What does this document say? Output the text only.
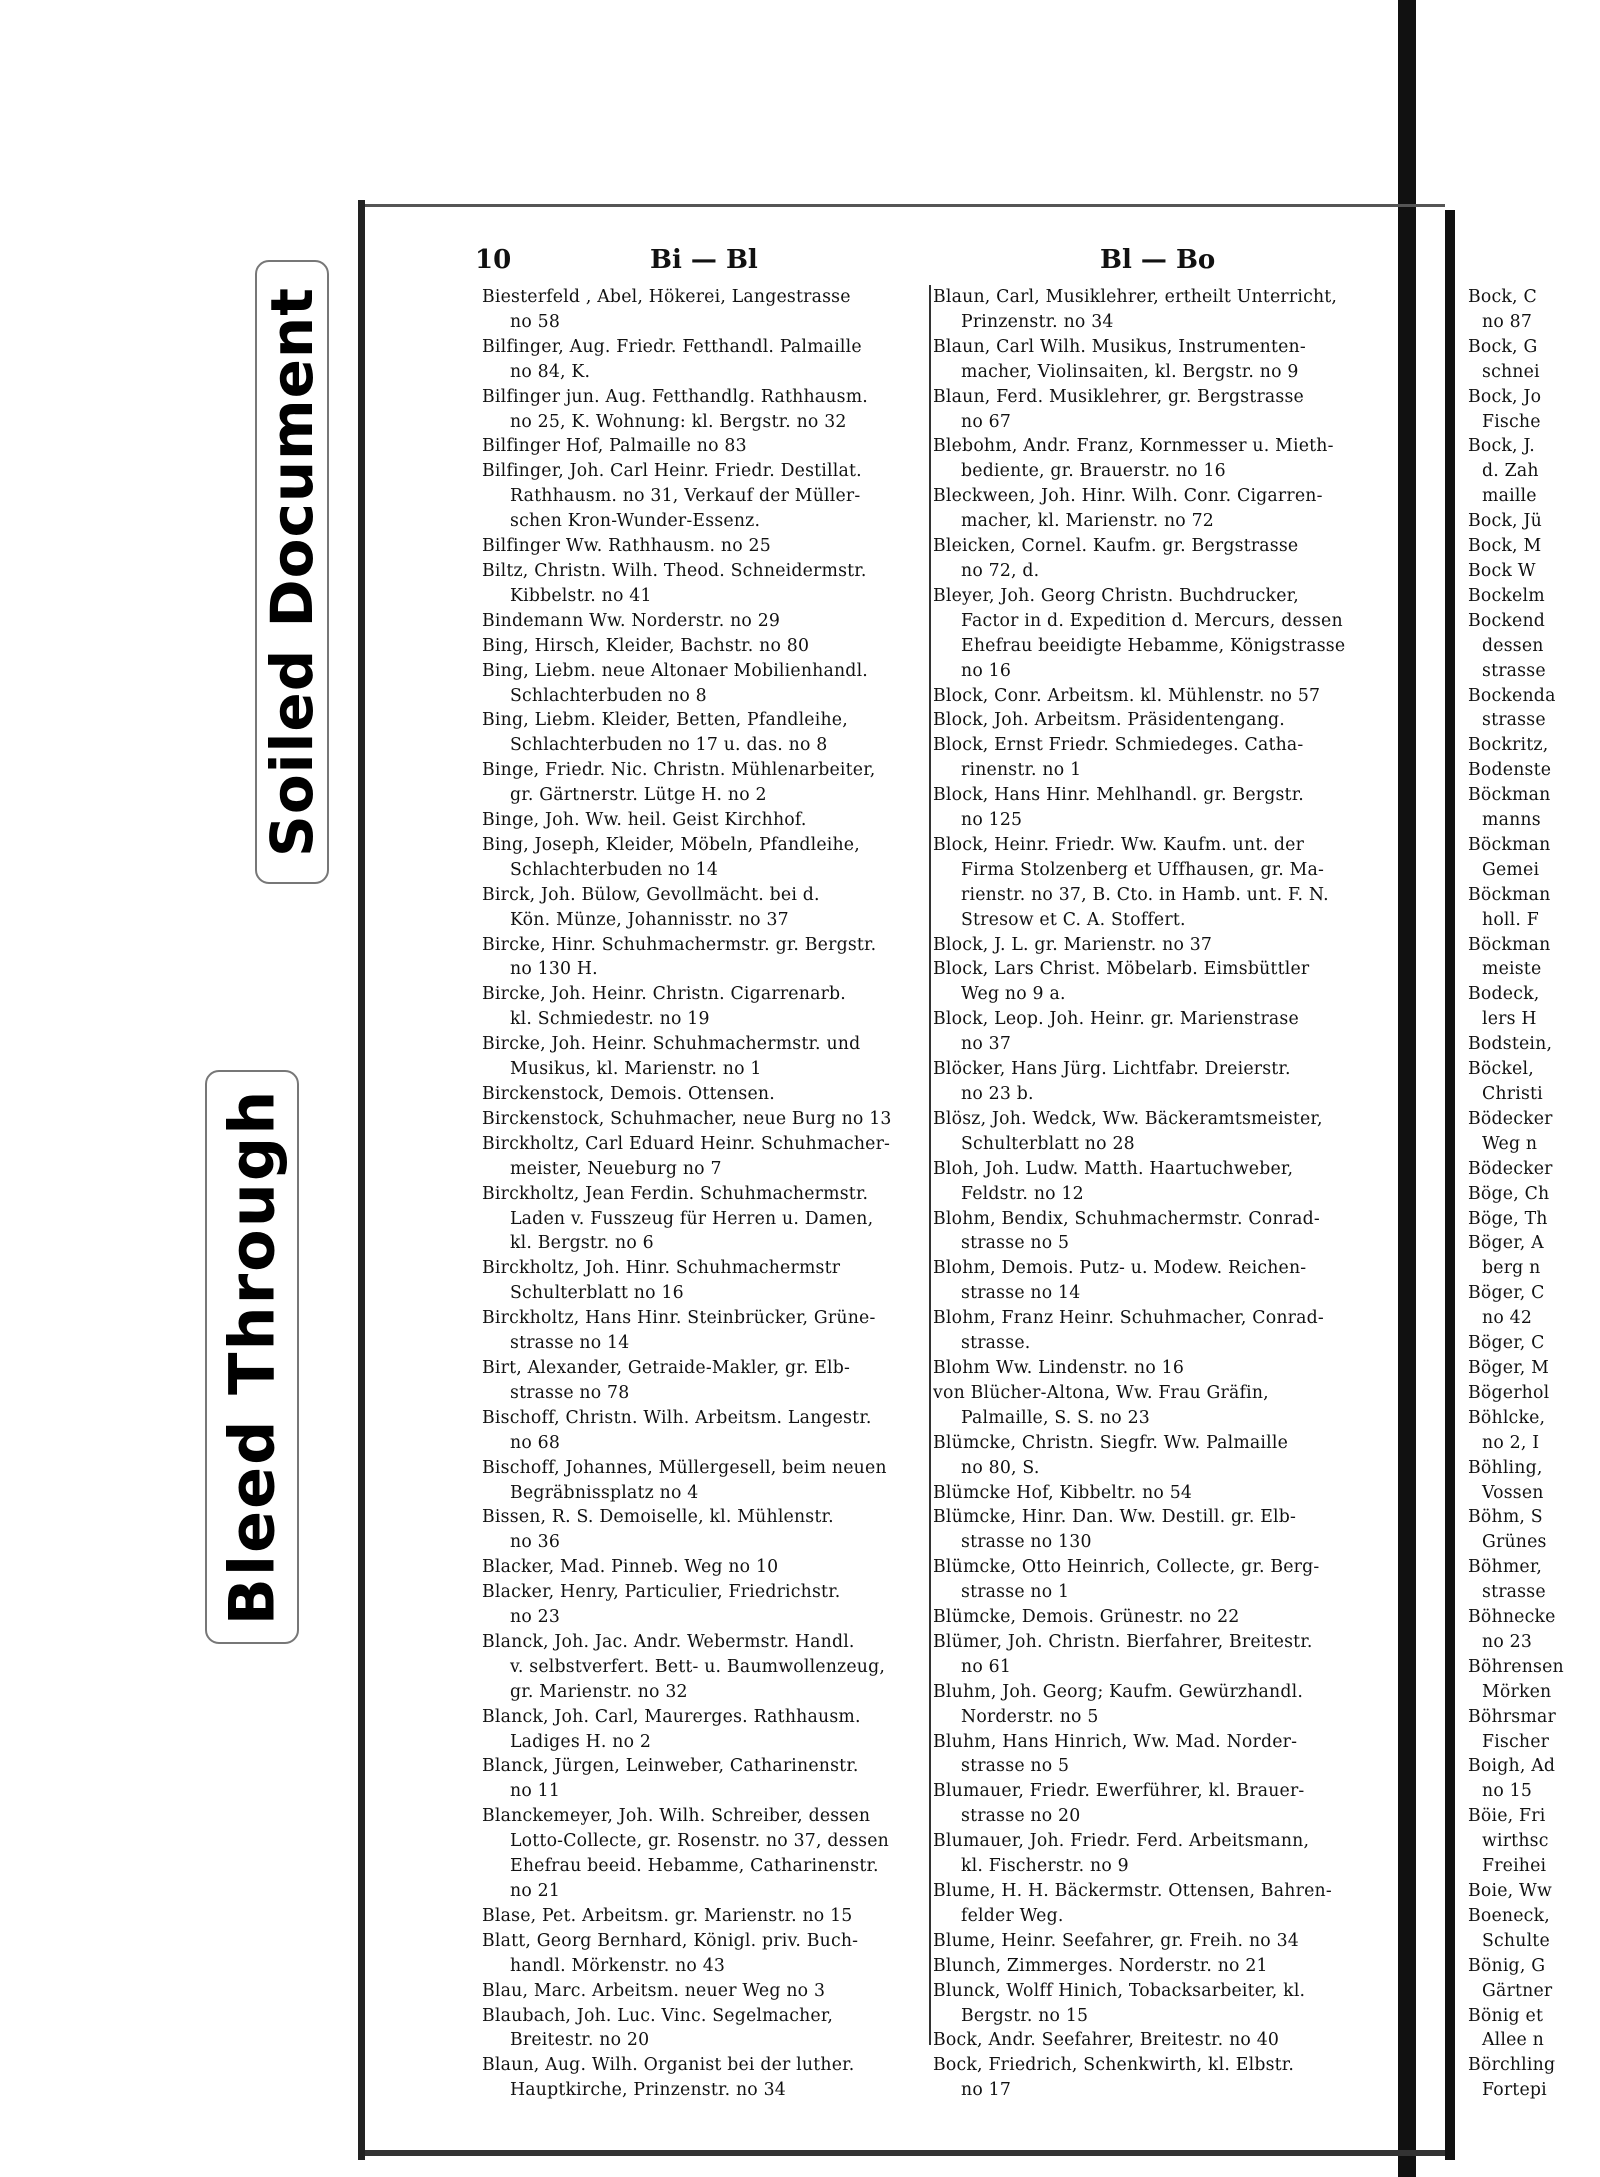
Soiled Document
Bleed Through
10	Bi — Bl	Bl — Bo
Biesterfeld , Abel, Hökerei, Langestrasse
no 58
Bilfinger, Aug. Friedr. Fetthandl. Palmaille
no 84, K.
Bilfinger jun. Aug. Fetthandlg. Rathhausm.
no 25, K. Wohnung: kl. Bergstr. no 32
Bilfinger Hof, Palmaille no 83
Bilfinger, Joh. Carl Heinr. Friedr. Destillat.
Rathhausm. no 31, Verkauf der Müller-
schen Kron-Wunder-Essenz.
Bilfinger Ww. Rathhausm. no 25
Biltz, Christn. Wilh. Theod. Schneidermstr.
Kibbelstr. no 41
Bindemann Ww. Norderstr. no 29
Bing, Hirsch, Kleider, Bachstr. no 80
Bing, Liebm. neue Altonaer Mobilienhandl.
Schlachterbuden no 8
Bing, Liebm. Kleider, Betten, Pfandleihe,
Schlachterbuden no 17 u. das. no 8
Binge, Friedr. Nic. Christn. Mühlenarbeiter,
gr. Gärtnerstr. Lütge H. no 2
Binge, Joh. Ww. heil. Geist Kirchhof.
Bing, Joseph, Kleider, Möbeln, Pfandleihe,
Schlachterbuden no 14
Birck, Joh. Bülow, Gevollmächt. bei d.
Kön. Münze, Johannisstr. no 37
Bircke, Hinr. Schuhmachermstr. gr. Bergstr.
no 130 H.
Bircke, Joh. Heinr. Christn. Cigarrenarb.
kl. Schmiedestr. no 19
Bircke, Joh. Heinr. Schuhmachermstr. und
Musikus, kl. Marienstr. no 1
Birckenstock, Demois. Ottensen.
Birckenstock, Schuhmacher, neue Burg no 13
Birckholtz, Carl Eduard Heinr. Schuhmacher-
meister, Neueburg no 7
Birckholtz, Jean Ferdin. Schuhmachermstr.
Laden v. Fusszeug für Herren u. Damen,
kl. Bergstr. no 6
Birckholtz, Joh. Hinr. Schuhmachermstr
Schulterblatt no 16
Birckholtz, Hans Hinr. Steinbrücker, Grüne-
strasse no 14
Birt, Alexander, Getraide-Makler, gr. Elb-
strasse no 78
Bischoff, Christn. Wilh. Arbeitsm. Langestr.
no 68
Bischoff, Johannes, Müllergesell, beim neuen
Begräbnissplatz no 4
Bissen, R. S. Demoiselle, kl. Mühlenstr.
no 36
Blacker, Mad. Pinneb. Weg no 10
Blacker, Henry, Particulier, Friedrichstr.
no 23
Blanck, Joh. Jac. Andr. Webermstr. Handl.
v. selbstverfert. Bett- u. Baumwollenzeug,
gr. Marienstr. no 32
Blanck, Joh. Carl, Maurerges. Rathhausm.
Ladiges H. no 2
Blanck, Jürgen, Leinweber, Catharinenstr.
no 11
Blanckemeyer, Joh. Wilh. Schreiber, dessen
Lotto-Collecte, gr. Rosenstr. no 37, dessen
Ehefrau beeid. Hebamme, Catharinenstr.
no 21
Blase, Pet. Arbeitsm. gr. Marienstr. no 15
Blatt, Georg Bernhard, Königl. priv. Buch-
handl. Mörkenstr. no 43
Blau, Marc. Arbeitsm. neuer Weg no 3
Blaubach, Joh. Luc. Vinc. Segelmacher,
Breitestr. no 20
Blaun, Aug. Wilh. Organist bei der luther.
Hauptkirche, Prinzenstr. no 34
Blaun, Carl, Musiklehrer, ertheilt Unterricht,
Prinzenstr. no 34
Blaun, Carl Wilh. Musikus, Instrumenten-
macher, Violinsaiten, kl. Bergstr. no 9
Blaun, Ferd. Musiklehrer, gr. Bergstrasse
no 67
Blebohm, Andr. Franz, Kornmesser u. Mieth-
bediente, gr. Brauerstr. no 16
Bleckween, Joh. Hinr. Wilh. Conr. Cigarren-
macher, kl. Marienstr. no 72
Bleicken, Cornel. Kaufm. gr. Bergstrasse
no 72, d.
Bleyer, Joh. Georg Christn. Buchdrucker,
Factor in d. Expedition d. Mercurs, dessen
Ehefrau beeidigte Hebamme, Königstrasse
no 16
Block, Conr. Arbeitsm. kl. Mühlenstr. no 57
Block, Joh. Arbeitsm. Präsidentengang.
Block, Ernst Friedr. Schmiedeges. Catha-
rinenstr. no 1
Block, Hans Hinr. Mehlhandl. gr. Bergstr.
no 125
Block, Heinr. Friedr. Ww. Kaufm. unt. der
Firma Stolzenberg et Uffhausen, gr. Ma-
rienstr. no 37, B. Cto. in Hamb. unt. F. N.
Stresow et C. A. Stoffert.
Block, J. L. gr. Marienstr. no 37
Block, Lars Christ. Möbelarb. Eimsbüttler
Weg no 9 a.
Block, Leop. Joh. Heinr. gr. Marienstrase
no 37
Blöcker, Hans Jürg. Lichtfabr. Dreierstr.
no 23 b.
Blösz, Joh. Wedck, Ww. Bäckeramtsmeister,
Schulterblatt no 28
Bloh, Joh. Ludw. Matth. Haartuchweber,
Feldstr. no 12
Blohm, Bendix, Schuhmachermstr. Conrad-
strasse no 5
Blohm, Demois. Putz- u. Modew. Reichen-
strasse no 14
Blohm, Franz Heinr. Schuhmacher, Conrad-
strasse.
Blohm Ww. Lindenstr. no 16
von Blücher-Altona, Ww. Frau Gräfin,
Palmaille, S. S. no 23
Blümcke, Christn. Siegfr. Ww. Palmaille
no 80, S.
Blümcke Hof, Kibbeltr. no 54
Blümcke, Hinr. Dan. Ww. Destill. gr. Elb-
strasse no 130
Blümcke, Otto Heinrich, Collecte, gr. Berg-
strasse no 1
Blümcke, Demois. Grünestr. no 22
Blümer, Joh. Christn. Bierfahrer, Breitestr.
no 61
Bluhm, Joh. Georg; Kaufm. Gewürzhandl.
Norderstr. no 5
Bluhm, Hans Hinrich, Ww. Mad. Norder-
strasse no 5
Blumauer, Friedr. Ewerführer, kl. Brauer-
strasse no 20
Blumauer, Joh. Friedr. Ferd. Arbeitsmann,
kl. Fischerstr. no 9
Blume, H. H. Bäckermstr. Ottensen, Bahren-
felder Weg.
Blume, Heinr. Seefahrer, gr. Freih. no 34
Blunch, Zimmerges. Norderstr. no 21
Blunck, Wolff Hinich, Tobacksarbeiter, kl.
Bergstr. no 15
Bock, Andr. Seefahrer, Breitestr. no 40
Bock, Friedrich, Schenkwirth, kl. Elbstr.
no 17
Bock, C
no 87
Bock, G
schnei
Bock, Jo
Fische
Bock, J.
d. Zah
maille
Bock, Jü
Bock, M
Bock W
Bockelm
Bockend
dessen
strasse
Bockenda
strasse
Bockritz,
Bodenste
Böckman
manns
Böckman
Gemei
Böckman
holl. F
Böckman
meiste
Bodeck,
lers H
Bodstein,
Böckel,
Christi
Bödecker
Weg n
Bödecker
Böge, Ch
Böge, Th
Böger, A
berg n
Böger, C
no 42
Böger, C
Böger, M
Bögerhol
Böhlcke,
no 2, I
Böhling,
Vossen
Böhm, S
Grünes
Böhmer,
strasse
Böhnecke
no 23
Böhrensen
Mörken
Böhrsmar
Fischer
Boigh, Ad
no 15
Böie, Fri
wirthsc
Freihei
Boie, Ww
Boeneck,
Schulte
Bönig, G
Gärtner
Bönig et
Allee n
Börchling
Fortepi
